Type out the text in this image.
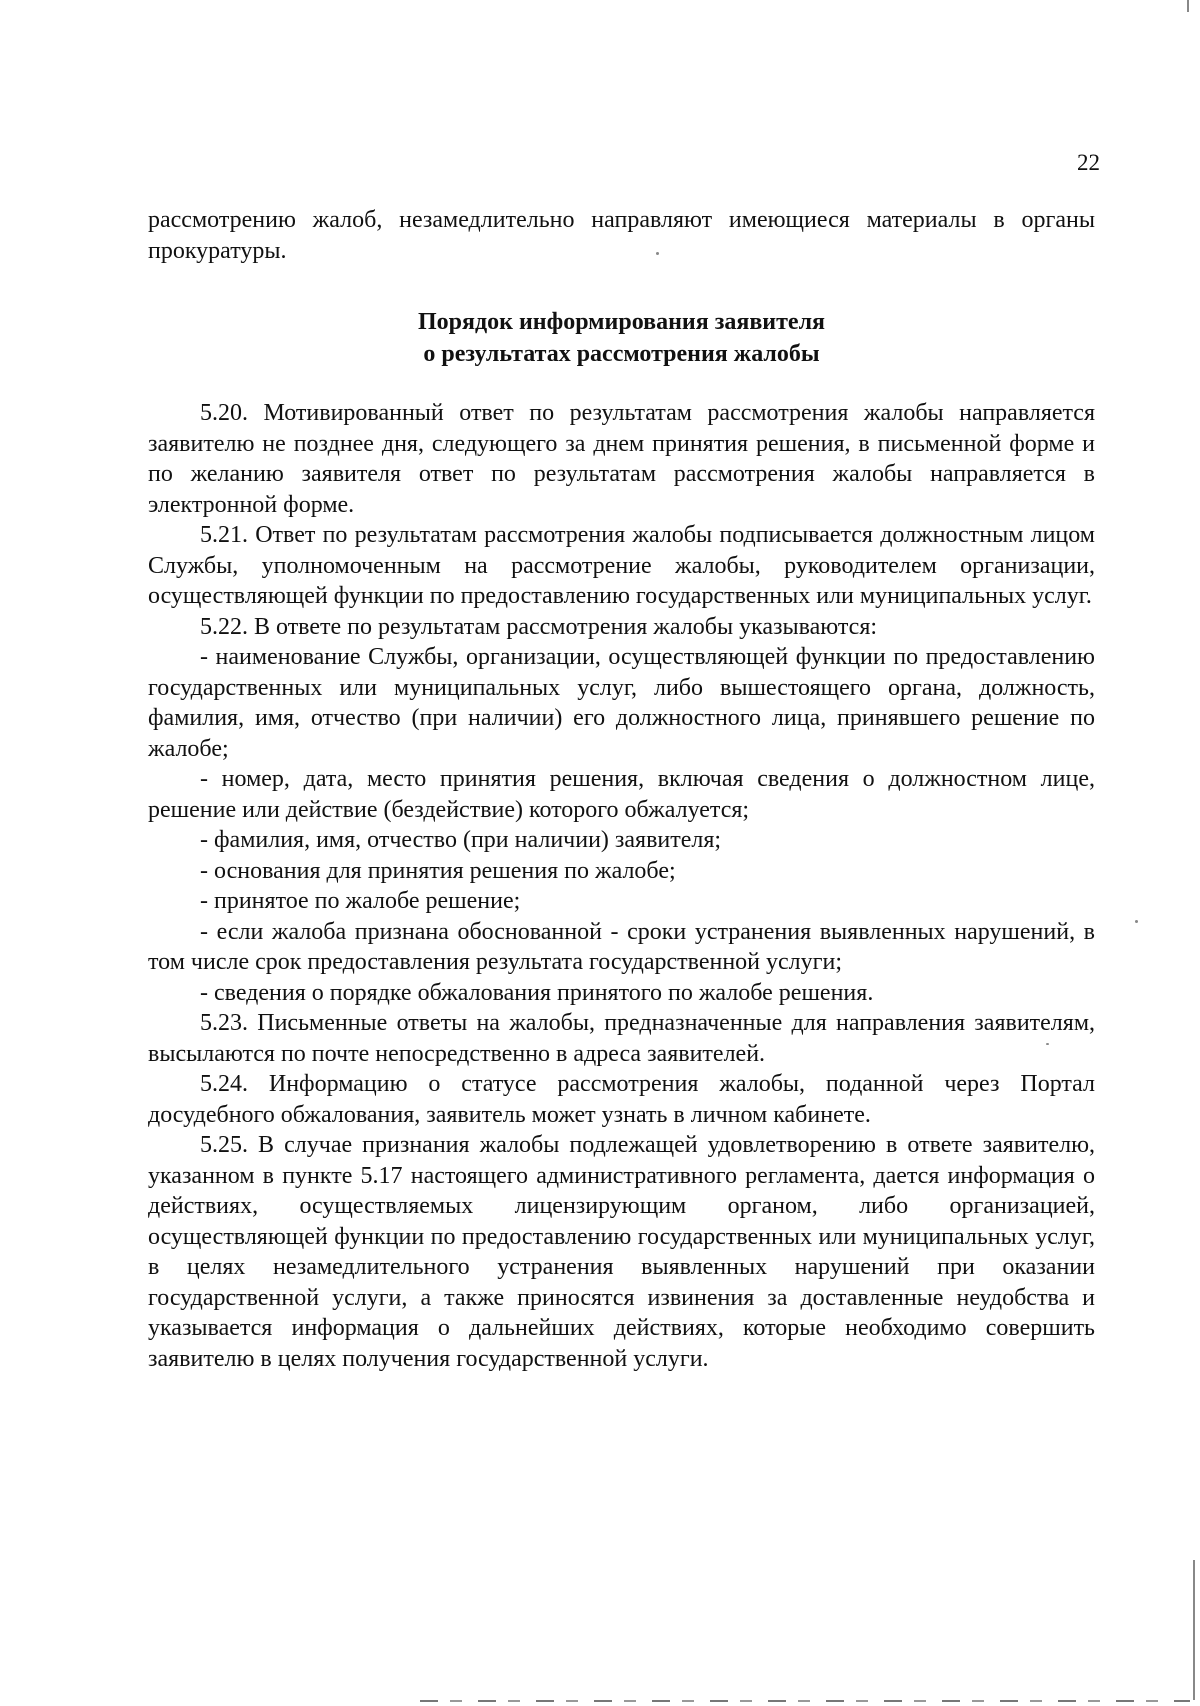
22

рассмотрению жалоб, незамедлительно направляют имеющиеся материалы в органы прокуратуры.

Порядок информирования заявителя
о результатах рассмотрения жалобы

5.20. Мотивированный ответ по результатам рассмотрения жалобы направляется заявителю не позднее дня, следующего за днем принятия решения, в письменной форме и по желанию заявителя ответ по результатам рассмотрения жалобы направляется в электронной форме.

5.21. Ответ по результатам рассмотрения жалобы подписывается должностным лицом Службы, уполномоченным на рассмотрение жалобы, руководителем организации, осуществляющей функции по предоставлению государственных или муниципальных услуг.

5.22. В ответе по результатам рассмотрения жалобы указываются:

- наименование Службы, организации, осуществляющей функции по предоставлению государственных или муниципальных услуг, либо вышестоящего органа, должность, фамилия, имя, отчество (при наличии) его должностного лица, принявшего решение по жалобе;

- номер, дата, место принятия решения, включая сведения о должностном лице, решение или действие (бездействие) которого обжалуется;

- фамилия, имя, отчество (при наличии) заявителя;

- основания для принятия решения по жалобе;

- принятое по жалобе решение;

- если жалоба признана обоснованной - сроки устранения выявленных нарушений, в том числе срок предоставления результата государственной услуги;

- сведения о порядке обжалования принятого по жалобе решения.

5.23. Письменные ответы на жалобы, предназначенные для направления заявителям, высылаются по почте непосредственно в адреса заявителей.

5.24. Информацию о статусе рассмотрения жалобы, поданной через Портал досудебного обжалования, заявитель может узнать в личном кабинете.

5.25. В случае признания жалобы подлежащей удовлетворению в ответе заявителю, указанном в пункте 5.17 настоящего административного регламента, дается информация о действиях, осуществляемых лицензирующим органом, либо организацией, осуществляющей функции по предоставлению государственных или муниципальных услуг, в целях незамедлительного устранения выявленных нарушений при оказании государственной услуги, а также приносятся извинения за доставленные неудобства и указывается информация о дальнейших действиях, которые необходимо совершить заявителю в целях получения государственной услуги.
